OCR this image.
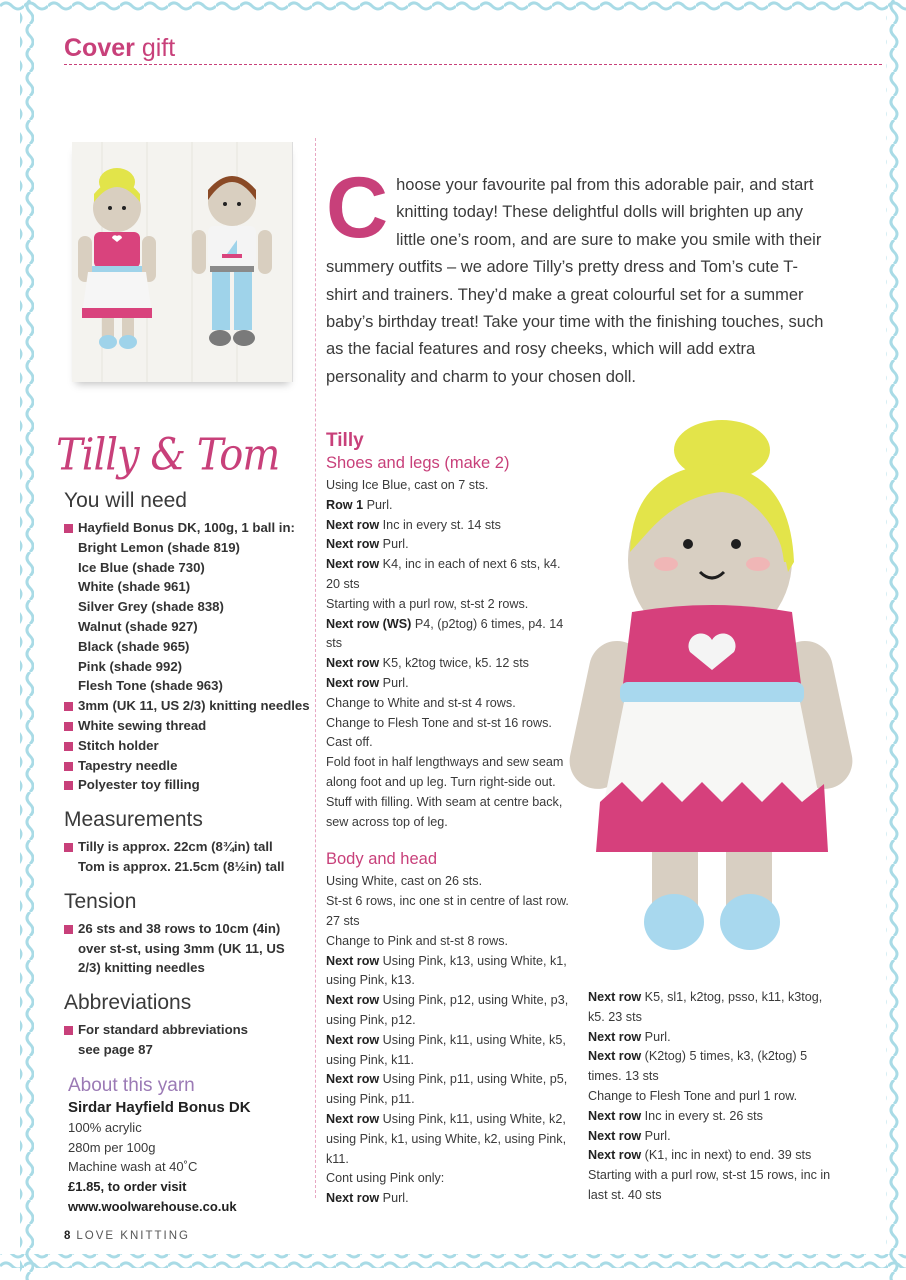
Cover gift
C hoose your favourite pal from this adorable pair, and start knitting today! These delightful dolls will brighten up any little one’s room, and are sure to make you smile with their summery outfits – we adore Tilly’s pretty dress and Tom’s cute T-shirt and trainers. They’d make a great colourful set for a summer baby’s birthday treat! Take your time with the finishing touches, such as the facial features and rosy cheeks, which will add extra personality and charm to your chosen doll.
Tilly & Tom
You will need
Hayfield Bonus DK, 100g, 1 ball in:
Bright Lemon (shade 819)
Ice Blue (shade 730)
White (shade 961)
Silver Grey (shade 838)
Walnut (shade 927)
Black (shade 965)
Pink (shade 992)
Flesh Tone (shade 963)
3mm (UK 11, US 2/3) knitting needles
White sewing thread
Stitch holder
Tapestry needle
Polyester toy filling
Measurements
Tilly is approx. 22cm (8¾in) tall
Tom is approx. 21.5cm (8½in) tall
Tension
26 sts and 38 rows to 10cm (4in)
over st-st, using 3mm (UK 11, US
2/3) knitting needles
Abbreviations
For standard abbreviations
see page 87
About this yarn
Sirdar Hayfield Bonus DK
100% acrylic
280m per 100g
Machine wash at 40˚C
£1.85, to order visit
www.woolwarehouse.co.uk
Tilly
Shoes and legs (make 2)
Using Ice Blue, cast on 7 sts.
Row 1 Purl.
Next row Inc in every st. 14 sts
Next row Purl.
Next row K4, inc in each of next 6 sts, k4. 20 sts
Starting with a purl row, st-st 2 rows.
Next row (WS) P4, (p2tog) 6 times, p4. 14 sts
Next row K5, k2tog twice, k5. 12 sts
Next row Purl.
Change to White and st-st 4 rows.
Change to Flesh Tone and st-st 16 rows.
Cast off.
Fold foot in half lengthways and sew seam along foot and up leg. Turn right-side out. Stuff with filling. With seam at centre back, sew across top of leg.
Body and head
Using White, cast on 26 sts.
St-st 6 rows, inc one st in centre of last row. 27 sts
Change to Pink and st-st 8 rows.
Next row Using Pink, k13, using White, k1, using Pink, k13.
Next row Using Pink, p12, using White, p3, using Pink, p12.
Next row Using Pink, k11, using White, k5, using Pink, k11.
Next row Using Pink, p11, using White, p5, using Pink, p11.
Next row Using Pink, k11, using White, k2, using Pink, k1, using White, k2, using Pink, k11.
Cont using Pink only:
Next row Purl.
Next row K5, sl1, k2tog, psso, k11, k3tog, k5. 23 sts
Next row Purl.
Next row (K2tog) 5 times, k3, (k2tog) 5 times. 13 sts
Change to Flesh Tone and purl 1 row.
Next row Inc in every st. 26 sts
Next row Purl.
Next row (K1, inc in next) to end. 39 sts
Starting with a purl row, st-st 15 rows, inc in last st. 40 sts
8 LOVE KNITTING
